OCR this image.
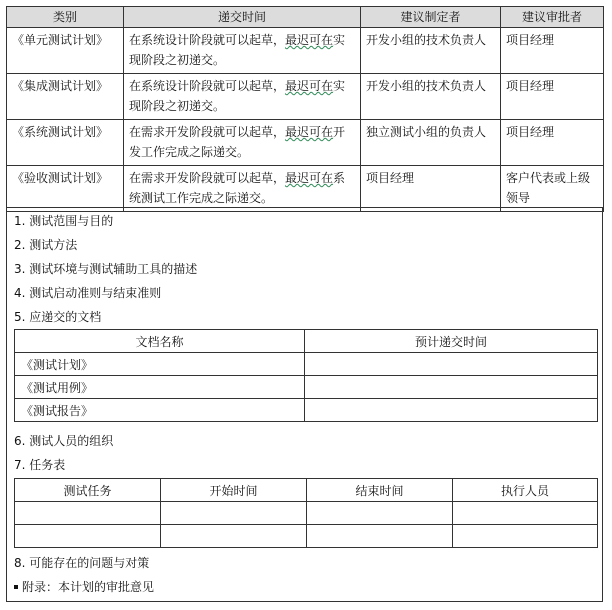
类别	递交时间	建议制定者	建议审批者
《单元测试计划》	在系统设计阶段就可以起草，最迟可在实现阶段之初递交。	开发小组的技术负责人	项目经理
《集成测试计划》	在系统设计阶段就可以起草，最迟可在实现阶段之初递交。	开发小组的技术负责人	项目经理
《系统测试计划》	在需求开发阶段就可以起草，最迟可在开发工作完成之际递交。	独立测试小组的负责人	项目经理
《验收测试计划》	在需求开发阶段就可以起草，最迟可在系统测试工作完成之际递交。	项目经理	客户代表或上级领导
1. 测试范围与目的
2. 测试方法
3. 测试环境与测试辅助工具的描述
4. 测试启动准则与结束准则
5. 应递交的文档
文档名称	预计递交时间
《测试计划》	
《测试用例》	
《测试报告》	
6. 测试人员的组织
7. 任务表
测试任务	开始时间	结束时间	执行人员

8. 可能存在的问题与对策
附录：本计划的审批意见
